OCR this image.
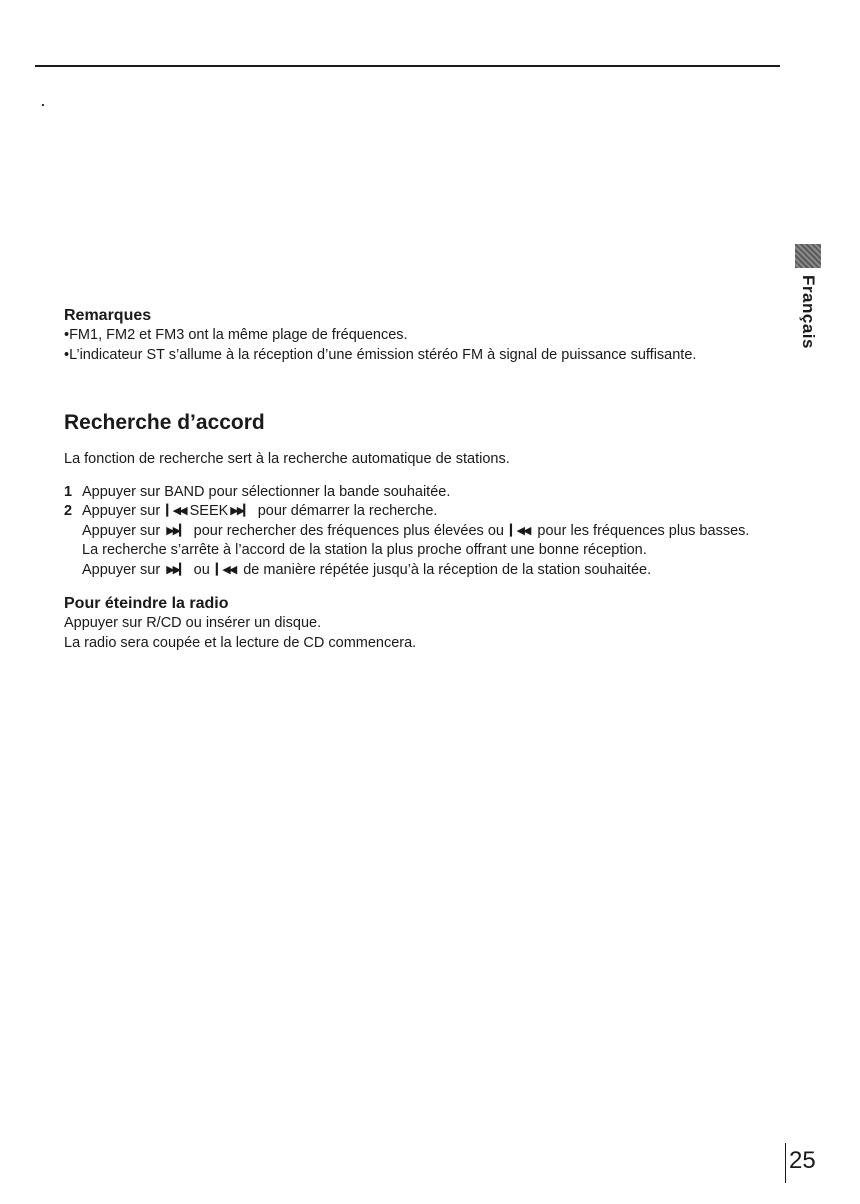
Français

Remarques

• FM1, FM2 et FM3 ont la même plage de fréquences.

• L’indicateur ST s’allume à la réception d’une émission stéréo FM à signal de puissance suffisante.

Recherche d’accord

La fonction de recherche sert à la recherche automatique de stations.

1 Appuyer sur BAND pour sélectionner la bande souhaitée.
2 Appuyer sur ▎◀◀ SEEK ▶▶▎ pour démarrer la recherche.
Appuyer sur ▶▶▎ pour rechercher des fréquences plus élevées ou ▎◀◀ pour les fréquences plus basses.
La recherche s’arrête à l’accord de la station la plus proche offrant une bonne réception.
Appuyer sur ▶▶▎ ou ▎◀◀ de manière répétée jusqu’à la réception de la station souhaitée.

Pour éteindre la radio

Appuyer sur R/CD ou insérer un disque.

La radio sera coupée et la lecture de CD commencera.

25
